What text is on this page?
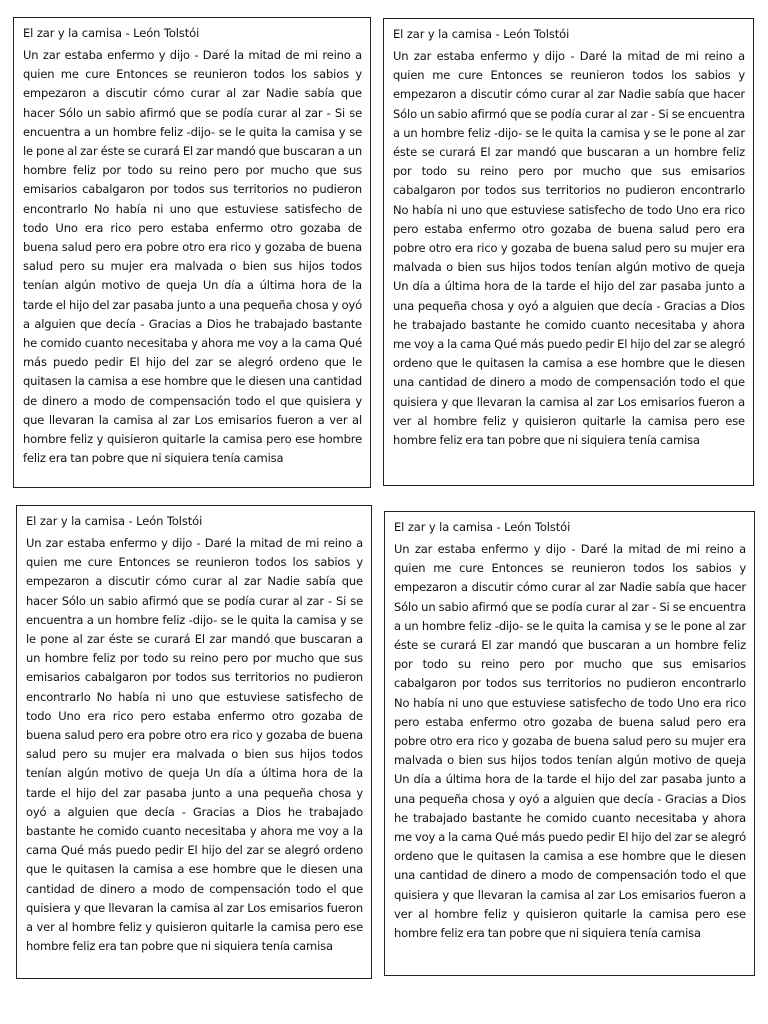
El zar y la camisa - León Tolstói

Un zar estaba enfermo y dijo - Daré la mitad de mi reino a quien me cure Entonces se reunieron todos los sabios y empezaron a discutir cómo curar al zar Nadie sabía que hacer Sólo un sabio afirmó que se podía curar al zar - Si se encuentra a un hombre feliz -dijo- se le quita la camisa y se le pone al zar éste se curará El zar mandó que buscaran a un hombre feliz por todo su reino pero por mucho que sus emisarios cabalgaron por todos sus territorios no pudieron encontrarlo No había ni uno que estuviese satisfecho de todo Uno era rico pero estaba enfermo otro gozaba de buena salud pero era pobre otro era rico y gozaba de buena salud pero su mujer era malvada o bien sus hijos todos tenían algún motivo de queja Un día a última hora de la tarde el hijo del zar pasaba junto a una pequeña chosa y oyó a alguien que decía - Gracias a Dios he trabajado bastante he comido cuanto necesitaba y ahora me voy a la cama Qué más puedo pedir El hijo del zar se alegró ordeno que le quitasen la camisa a ese hombre que le diesen una cantidad de dinero a modo de compensación todo el que quisiera y que llevaran la camisa al zar Los emisarios fueron a ver al hombre feliz y quisieron quitarle la camisa pero ese hombre feliz era tan pobre que ni siquiera tenía camisa

El zar y la camisa - León Tolstói

Un zar estaba enfermo y dijo - Daré la mitad de mi reino a quien me cure Entonces se reunieron todos los sabios y empezaron a discutir cómo curar al zar Nadie sabía que hacer Sólo un sabio afirmó que se podía curar al zar - Si se encuentra a un hombre feliz -dijo- se le quita la camisa y se le pone al zar éste se curará El zar mandó que buscaran a un hombre feliz por todo su reino pero por mucho que sus emisarios cabalgaron por todos sus territorios no pudieron encontrarlo No había ni uno que estuviese satisfecho de todo Uno era rico pero estaba enfermo otro gozaba de buena salud pero era pobre otro era rico y gozaba de buena salud pero su mujer era malvada o bien sus hijos todos tenían algún motivo de queja Un día a última hora de la tarde el hijo del zar pasaba junto a una pequeña chosa y oyó a alguien que decía - Gracias a Dios he trabajado bastante he comido cuanto necesitaba y ahora me voy a la cama Qué más puedo pedir El hijo del zar se alegró ordeno que le quitasen la camisa a ese hombre que le diesen una cantidad de dinero a modo de compensación todo el que quisiera y que llevaran la camisa al zar Los emisarios fueron a ver al hombre feliz y quisieron quitarle la camisa pero ese hombre feliz era tan pobre que ni siquiera tenía camisa

El zar y la camisa - León Tolstói

Un zar estaba enfermo y dijo - Daré la mitad de mi reino a quien me cure Entonces se reunieron todos los sabios y empezaron a discutir cómo curar al zar Nadie sabía que hacer Sólo un sabio afirmó que se podía curar al zar - Si se encuentra a un hombre feliz -dijo- se le quita la camisa y se le pone al zar éste se curará El zar mandó que buscaran a un hombre feliz por todo su reino pero por mucho que sus emisarios cabalgaron por todos sus territorios no pudieron encontrarlo No había ni uno que estuviese satisfecho de todo Uno era rico pero estaba enfermo otro gozaba de buena salud pero era pobre otro era rico y gozaba de buena salud pero su mujer era malvada o bien sus hijos todos tenían algún motivo de queja Un día a última hora de la tarde el hijo del zar pasaba junto a una pequeña chosa y oyó a alguien que decía - Gracias a Dios he trabajado bastante he comido cuanto necesitaba y ahora me voy a la cama Qué más puedo pedir El hijo del zar se alegró ordeno que le quitasen la camisa a ese hombre que le diesen una cantidad de dinero a modo de compensación todo el que quisiera y que llevaran la camisa al zar Los emisarios fueron a ver al hombre feliz y quisieron quitarle la camisa pero ese hombre feliz era tan pobre que ni siquiera tenía camisa

El zar y la camisa - León Tolstói

Un zar estaba enfermo y dijo - Daré la mitad de mi reino a quien me cure Entonces se reunieron todos los sabios y empezaron a discutir cómo curar al zar Nadie sabía que hacer Sólo un sabio afirmó que se podía curar al zar - Si se encuentra a un hombre feliz -dijo- se le quita la camisa y se le pone al zar éste se curará El zar mandó que buscaran a un hombre feliz por todo su reino pero por mucho que sus emisarios cabalgaron por todos sus territorios no pudieron encontrarlo No había ni uno que estuviese satisfecho de todo Uno era rico pero estaba enfermo otro gozaba de buena salud pero era pobre otro era rico y gozaba de buena salud pero su mujer era malvada o bien sus hijos todos tenían algún motivo de queja Un día a última hora de la tarde el hijo del zar pasaba junto a una pequeña chosa y oyó a alguien que decía - Gracias a Dios he trabajado bastante he comido cuanto necesitaba y ahora me voy a la cama Qué más puedo pedir El hijo del zar se alegró ordeno que le quitasen la camisa a ese hombre que le diesen una cantidad de dinero a modo de compensación todo el que quisiera y que llevaran la camisa al zar Los emisarios fueron a ver al hombre feliz y quisieron quitarle la camisa pero ese hombre feliz era tan pobre que ni siquiera tenía camisa
